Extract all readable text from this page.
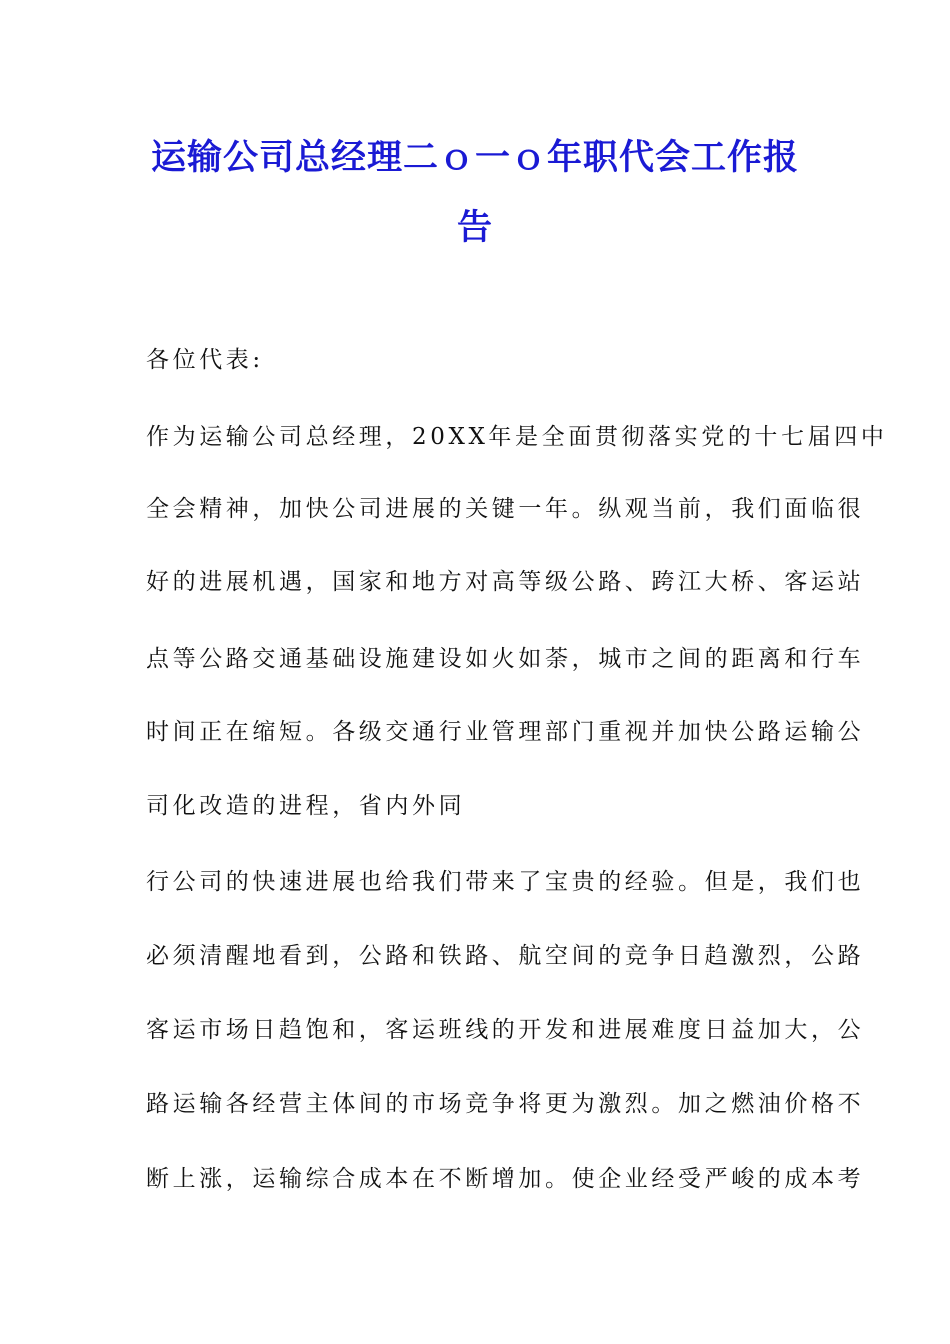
运输公司总经理二ｏ一ｏ年职代会工作报
告
各位代表:
作为运输公司总经理，20XX年是全面贯彻落实党的十七届四中
全会精神，加快公司进展的关键一年。纵观当前，我们面临很
好的进展机遇，国家和地方对高等级公路、跨江大桥、客运站
点等公路交通基础设施建设如火如荼，城市之间的距离和行车
时间正在缩短。各级交通行业管理部门重视并加快公路运输公
司化改造的进程，省内外同
行公司的快速进展也给我们带来了宝贵的经验。但是，我们也
必须清醒地看到，公路和铁路、航空间的竞争日趋激烈，公路
客运市场日趋饱和，客运班线的开发和进展难度日益加大，公
路运输各经营主体间的市场竞争将更为激烈。加之燃油价格不
断上涨，运输综合成本在不断增加。使企业经受严峻的成本考
